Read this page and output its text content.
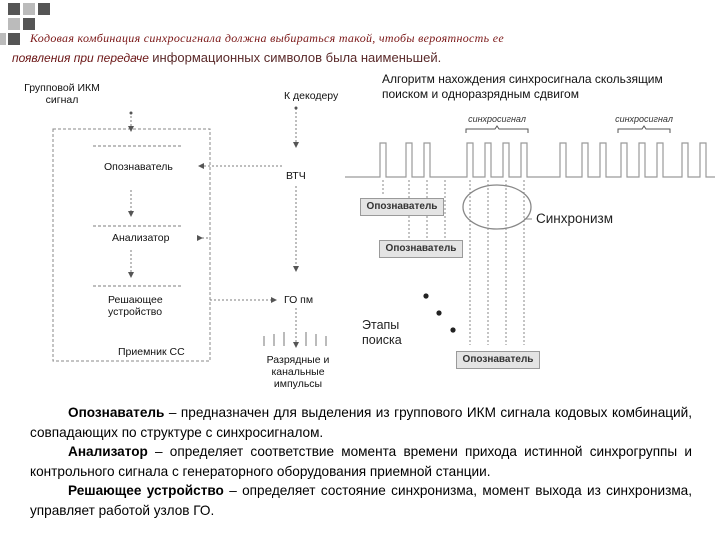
Кодовая комбинация синхросигнала должна выбираться такой, чтобы вероятность ее
появления при передаче информационных символов была наименьшей.
Групповой ИКМ сигнал	К декодеру
Опознаватель
ВТЧ
Анализатор
Решающее устройство
ГО пм
Приемник СС
Разрядные и канальные импульсы
Алгоритм нахождения синхросигнала скользящим поиском и одноразрядным сдвигом
синхросигнал	синхросигнал
Опознаватель
Опознаватель
Опознаватель
Синхронизм
Этапы поиска

Опознаватель – предназначен для выделения из группового ИКМ сигнала кодовых комбинаций, совпадающих по структуре с синхросигналом.

Анализатор – определяет соответствие момента времени прихода истинной синхрогруппы и контрольного сигнала с генераторного оборудования приемной станции.

Решающее устройство – определяет состояние синхронизма, момент выхода из синхронизма, управляет работой узлов ГО.
